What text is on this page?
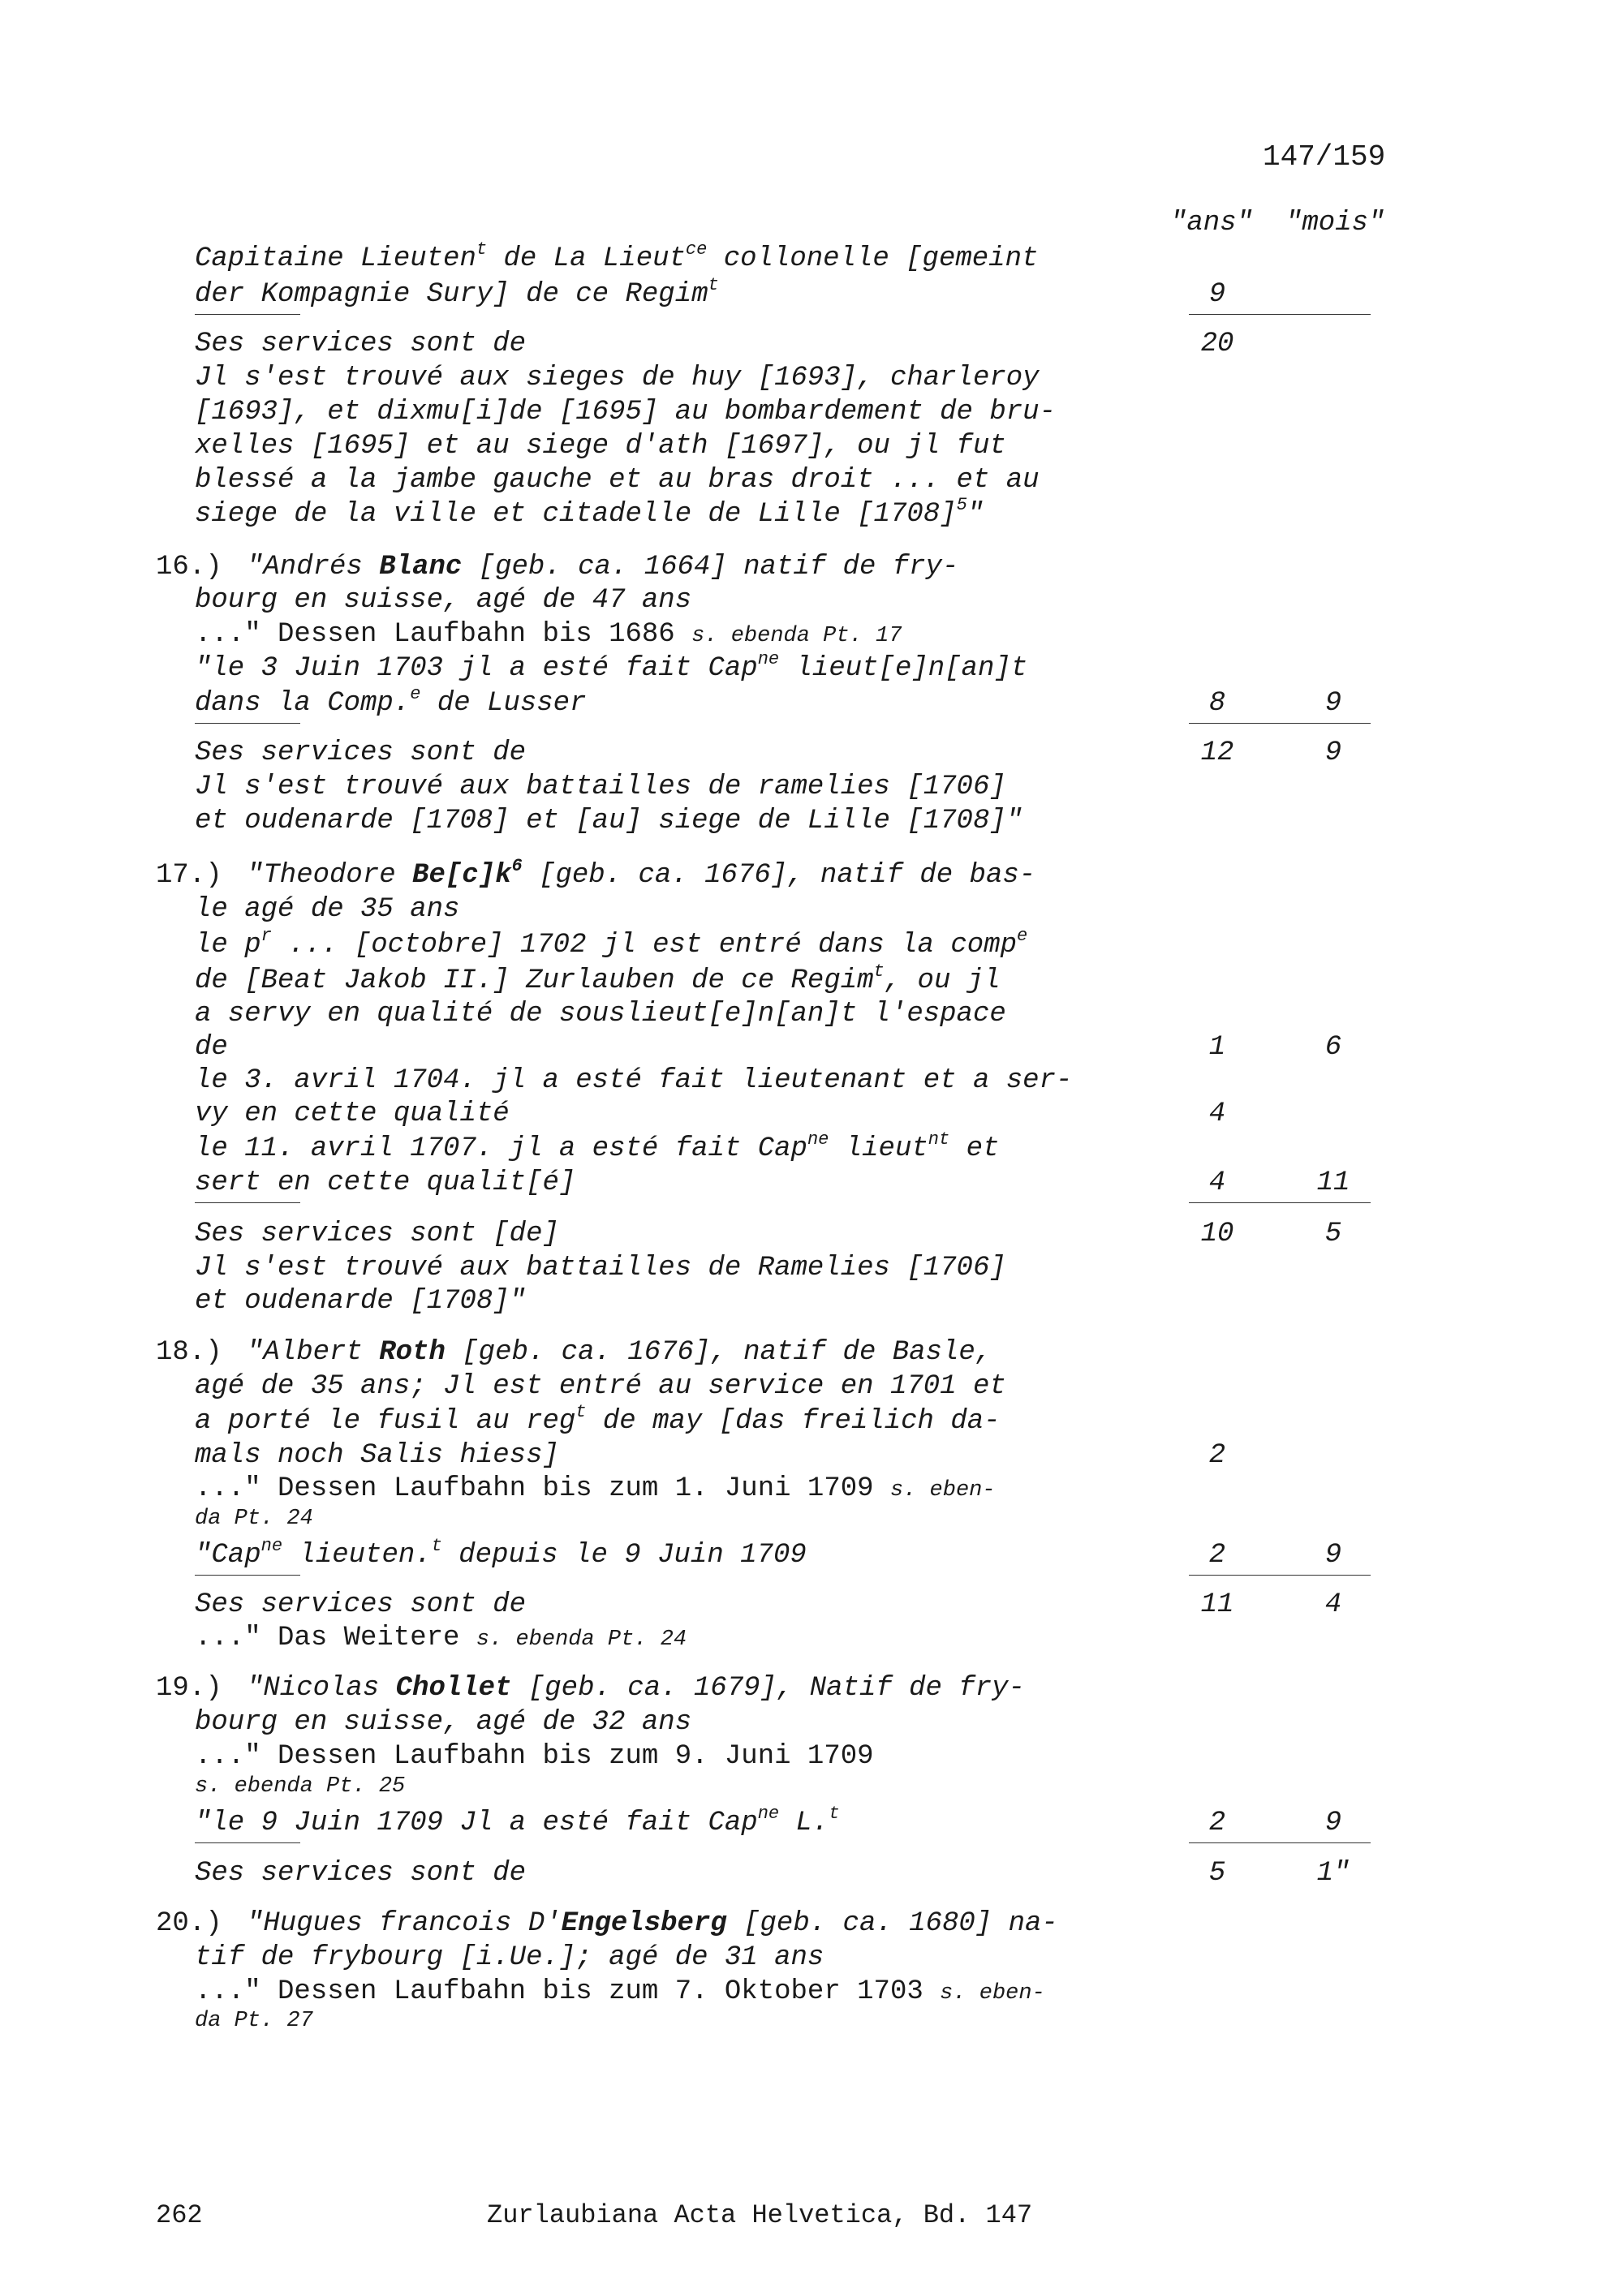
147/159
"ans" "mois"
Capitaine Lieuten$^t$ de La Lieut$^{ce}$ collonelle [gemeint
der Kompagnie Sury] de ce Regim$^t$	9
Ses services sont de	20
Jl s'est trouvé aux sieges de huy [1693], charleroy
[1693], et dixmu[i]de [1695] au bombardement de bru-
xelles [1695] et au siege d'ath [1697], ou jl fut
blessé a la jambe gauche et au bras droit ... et au
siege de la ville et citadelle de Lille $[1708]^5$"
16.) "Andrés Blanc [geb. ca. 1664] natif de fry-
bourg en suisse, agé de 47 ans
..." Dessen Laufbahn bis 1686 s. ebenda Pt. 17
"le 3 Juin 1703 jl a esté fait Cap$^{ne}$ lieut[e]n[an]t
dans la Comp.$^e$ de Lusser	8	9
Ses services sont de	12	9
Jl s'est trouvé aux battailles de ramelies [1706]
et oudenarde [1708] et [au] siege de Lille [1708]"
17.) "Theodore $Be[c]k^6$ [geb. ca. 1676], natif de bas-
le agé de 35 ans
le $p^r$ ... [octobre] 1702 jl est entré dans la comp$^e$
de [Beat Jakob II.] Zurlauben de ce Regim$^t$, ou jl
a servy en qualité de souslieut[e]n[an]t l'espace
de	1	6
le 3. avril 1704. jl a esté fait lieutenant et a ser-
vy en cette qualité	4
le 11. avril 1707. jl a esté fait Cap$^{ne}$ lieut$^{nt}$ et
sert en cette qualit[é]	4	11
Ses services sont [de]	10	5
Jl s'est trouvé aux battailles de Ramelies [1706]
et oudenarde [1708]"
18.) "Albert Roth [geb. ca. 1676], natif de Basle,
agé de 35 ans; Jl est entré au service en 1701 et
a porté le fusil au reg$^t$ de may [das freilich da-
mals noch Salis hiess]	2
..." Dessen Laufbahn bis zum 1. Juni 1709 s. eben-
da Pt. 24
"Cap$^{ne}$ lieuten.$^t$ depuis le 9 Juin 1709	2	9
Ses services sont de	11	4
..." Das Weitere s. ebenda Pt. 24
19.) "Nicolas Chollet [geb. ca. 1679], Natif de fry-
bourg en suisse, agé de 32 ans
..." Dessen Laufbahn bis zum 9. Juni 1709
s. ebenda Pt. 25
"le 9 Juin 1709 Jl a esté fait Cap$^{ne}$ L.$^t$	2	9
Ses services sont de	5	1"
20.) "Hugues francois D'Engelsberg [geb. ca. 1680] na-
tif de frybourg [i.Ue.]; agé de 31 ans
..." Dessen Laufbahn bis zum 7. Oktober 1703 s. eben-
da Pt. 27
262	Zurlaubiana Acta Helvetica, Bd. 147
